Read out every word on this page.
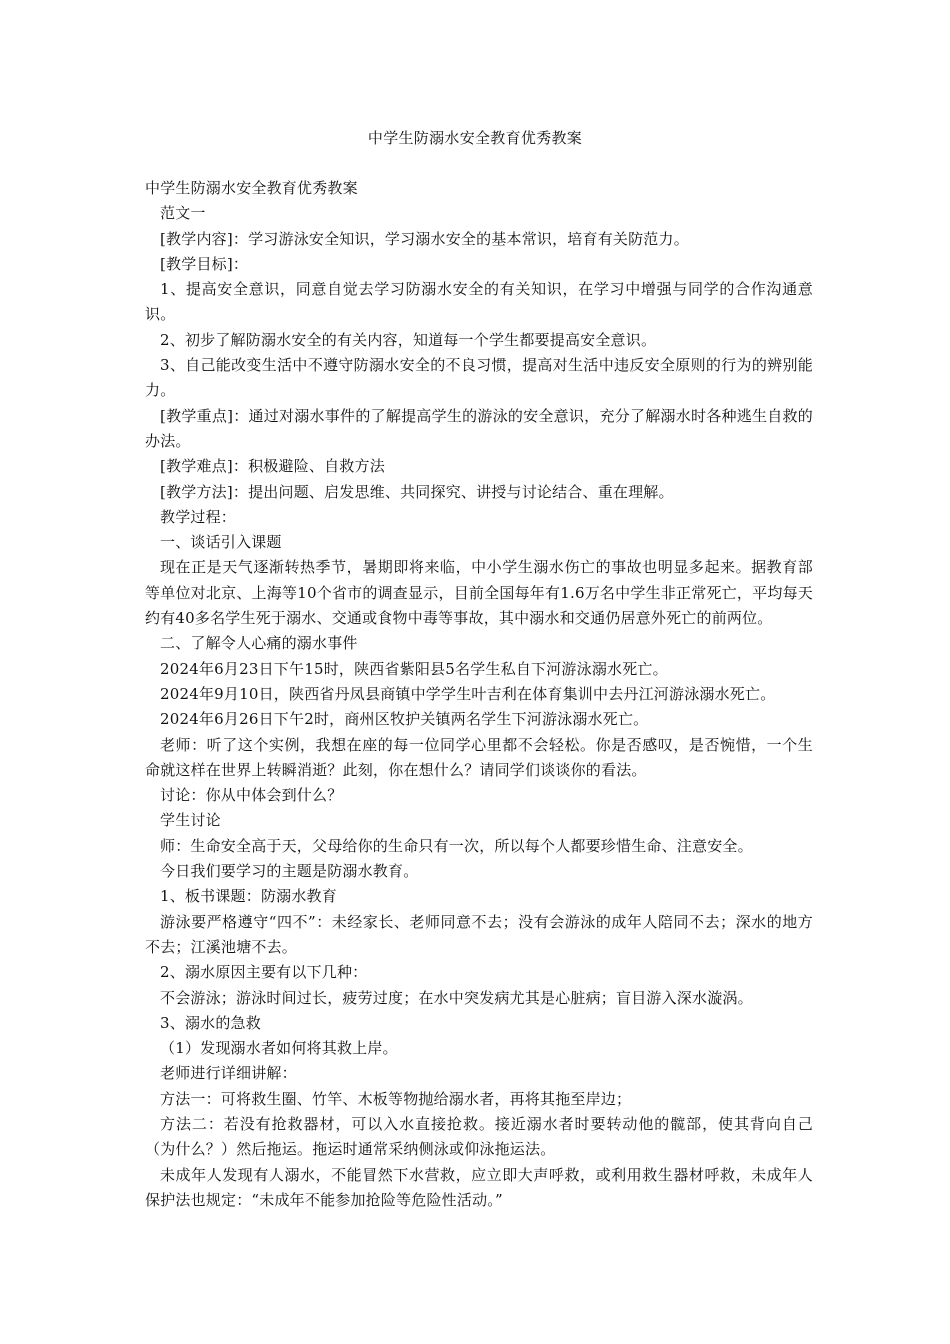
中学生防溺水安全教育优秀教案

中学生防溺水安全教育优秀教案

范文一

[教学内容]：学习游泳安全知识，学习溺水安全的基本常识，培育有关防范力。

[教学目标]：

1、提高安全意识，同意自觉去学习防溺水安全的有关知识，在学习中增强与同学的合作沟通意识。

2、初步了解防溺水安全的有关内容，知道每一个学生都要提高安全意识。

3、自己能改变生活中不遵守防溺水安全的不良习惯，提高对生活中违反安全原则的行为的辨别能力。

[教学重点]：通过对溺水事件的了解提高学生的游泳的安全意识，充分了解溺水时各种逃生自救的办法。

[教学难点]：积极避险、自救方法

[教学方法]：提出问题、启发思维、共同探究、讲授与讨论结合、重在理解。

教学过程：

一、谈话引入课题

现在正是天气逐渐转热季节，暑期即将来临，中小学生溺水伤亡的事故也明显多起来。据教育部等单位对北京、上海等10个省市的调查显示，目前全国每年有1.6万名中学生非正常死亡，平均每天约有40多名学生死于溺水、交通或食物中毒等事故，其中溺水和交通仍居意外死亡的前两位。

二、了解令人心痛的溺水事件

2024年6月23日下午15时，陕西省紫阳县5名学生私自下河游泳溺水死亡。

2024年9月10日，陕西省丹凤县商镇中学学生叶吉利在体育集训中去丹江河游泳溺水死亡。

2024年6月26日下午2时，商州区牧护关镇两名学生下河游泳溺水死亡。

老师：听了这个实例，我想在座的每一位同学心里都不会轻松。你是否感叹，是否惋惜，一个生命就这样在世界上转瞬消逝？此刻，你在想什么？请同学们谈谈你的看法。

讨论：你从中体会到什么？

学生讨论

师：生命安全高于天，父母给你的生命只有一次，所以每个人都要珍惜生命、注意安全。

今日我们要学习的主题是防溺水教育。

1、板书课题：防溺水教育

游泳要严格遵守“四不”：未经家长、老师同意不去；没有会游泳的成年人陪同不去；深水的地方不去；江溪池塘不去。

2、溺水原因主要有以下几种：

不会游泳；游泳时间过长，疲劳过度；在水中突发病尤其是心脏病；盲目游入深水漩涡。

3、溺水的急救

（1）发现溺水者如何将其救上岸。

老师进行详细讲解：

方法一：可将救生圈、竹竿、木板等物抛给溺水者，再将其拖至岸边；

方法二：若没有抢救器材，可以入水直接抢救。接近溺水者时要转动他的髋部，使其背向自己（为什么？）然后拖运。拖运时通常采纳侧泳或仰泳拖运法。

未成年人发现有人溺水，不能冒然下水营救，应立即大声呼救，或利用救生器材呼救，未成年人保护法也规定：“未成年不能参加抢险等危险性活动。”
